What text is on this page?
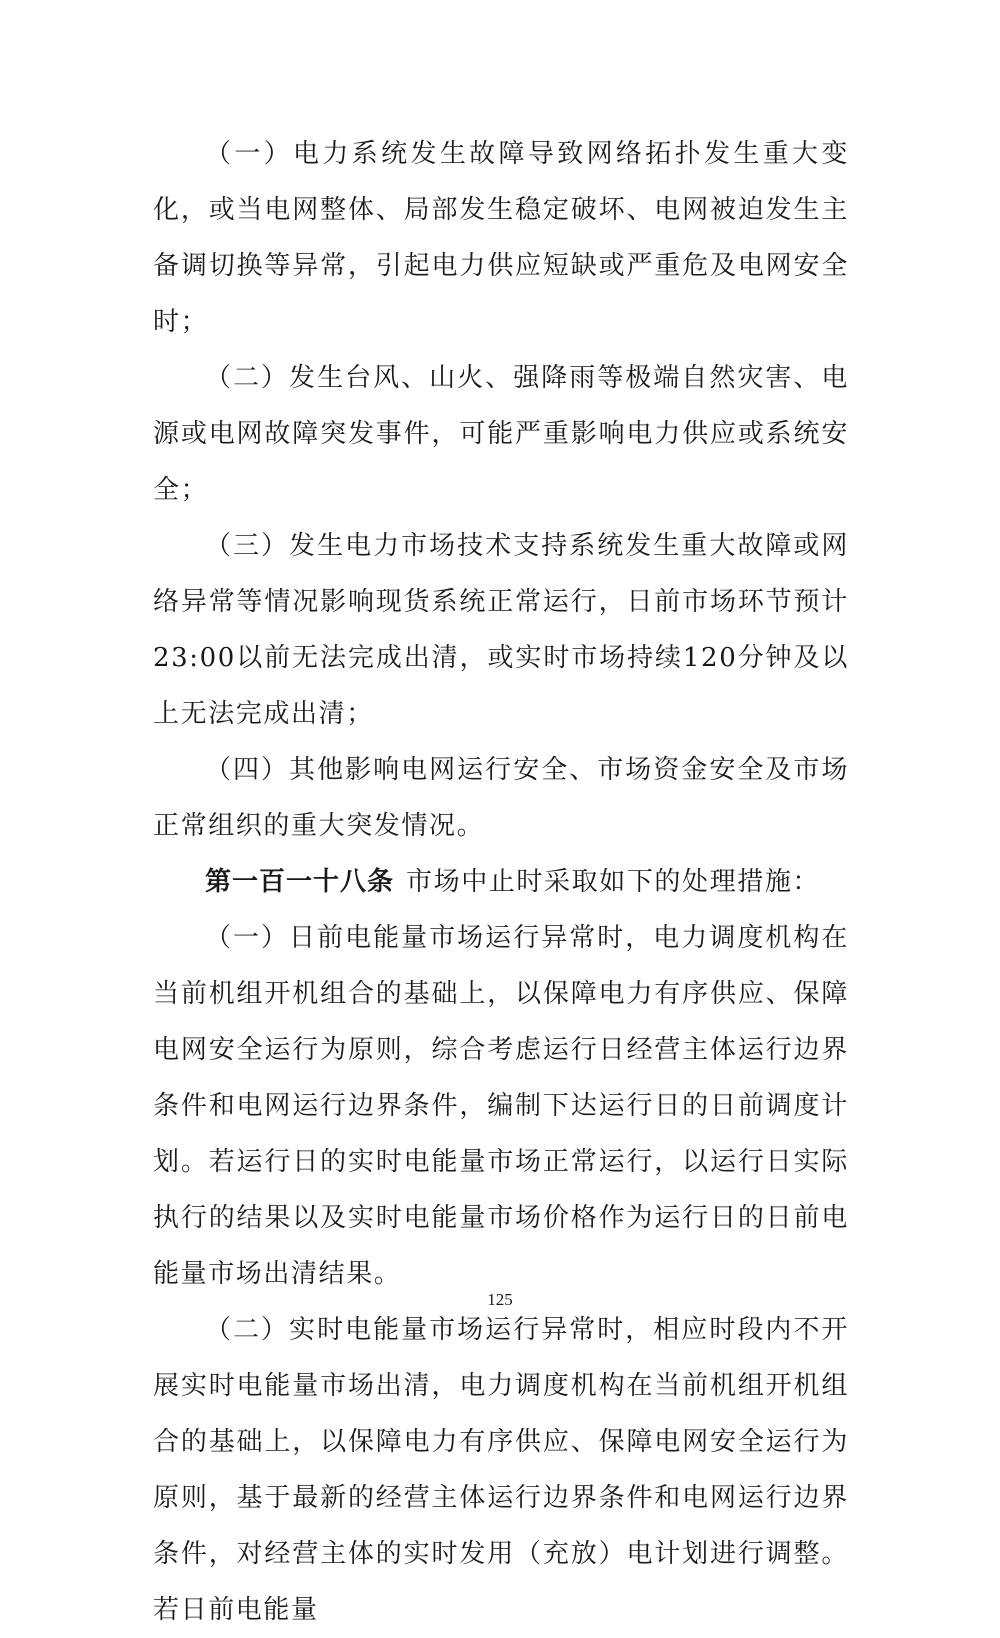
（一）电力系统发生故障导致网络拓扑发生重大变化，或当电网整体、局部发生稳定破坏、电网被迫发生主备调切换等异常，引起电力供应短缺或严重危及电网安全时；

（二）发生台风、山火、强降雨等极端自然灾害、电源或电网故障突发事件，可能严重影响电力供应或系统安全；

（三）发生电力市场技术支持系统发生重大故障或网络异常等情况影响现货系统正常运行，日前市场环节预计23:00以前无法完成出清，或实时市场持续120分钟及以上无法完成出清；

（四）其他影响电网运行安全、市场资金安全及市场正常组织的重大突发情况。

第一百一十八条 市场中止时采取如下的处理措施：

（一）日前电能量市场运行异常时，电力调度机构在当前机组开机组合的基础上，以保障电力有序供应、保障电网安全运行为原则，综合考虑运行日经营主体运行边界条件和电网运行边界条件，编制下达运行日的日前调度计划。若运行日的实时电能量市场正常运行，以运行日实际执行的结果以及实时电能量市场价格作为运行日的日前电能量市场出清结果。

（二）实时电能量市场运行异常时，相应时段内不开展实时电能量市场出清，电力调度机构在当前机组开机组合的基础上，以保障电力有序供应、保障电网安全运行为原则，基于最新的经营主体运行边界条件和电网运行边界条件，对经营主体的实时发用（充放）电计划进行调整。若日前电能量

125
